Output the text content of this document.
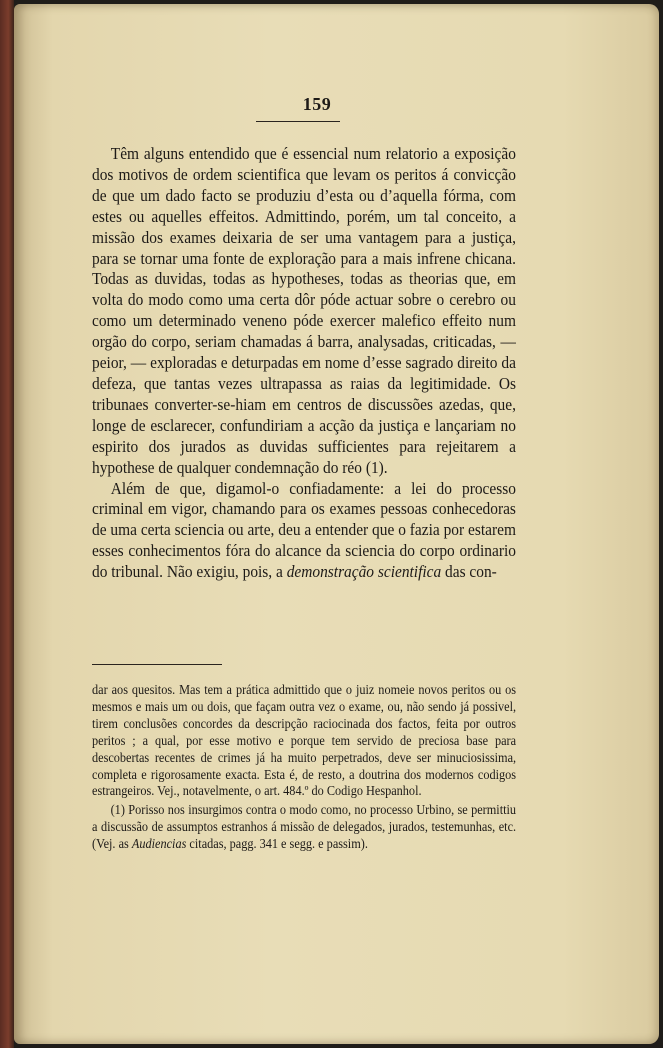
159

Têm alguns entendido que é essencial num relatorio a exposição dos motivos de ordem scientifica que levam os peritos á convicção de que um dado facto se produziu d’esta ou d’aquella fórma, com estes ou aquelles effeitos. Admittindo, porém, um tal conceito, a missão dos exames deixaria de ser uma vantagem para a justiça, para se tornar uma fonte de exploração para a mais infrene chicana. Todas as duvidas, todas as hypotheses, todas as theorias que, em volta do modo como uma certa dôr póde actuar sobre o cerebro ou como um determinado veneno póde exercer malefico effeito num orgão do corpo, seriam chamadas á barra, analysadas, criticadas, — peior, — exploradas e deturpadas em nome d’esse sagrado direito da defeza, que tantas vezes ultrapassa as raias da legitimidade. Os tribunaes converter-se-hiam em centros de discussões azedas, que, longe de esclarecer, confundiriam a acção da justiça e lançariam no espirito dos jurados as duvidas sufficientes para rejeitarem a hypothese de qualquer condemnação do réo (1).

Além de que, digamol-o confiadamente: a lei do processo criminal em vigor, chamando para os exames pessoas conhecedoras de uma certa sciencia ou arte, deu a entender que o fazia por estarem esses conhecimentos fóra do alcance da sciencia do corpo ordinario do tribunal. Não exigiu, pois, a demonstração scientifica das con-

dar aos quesitos. Mas tem a prática admittido que o juiz nomeie novos peritos ou os mesmos e mais um ou dois, que façam outra vez o exame, ou, não sendo já possivel, tirem conclusões concordes da descripção raciocinada dos factos, feita por outros peritos ; a qual, por esse motivo e porque tem servido de preciosa base para descobertas recentes de crimes já ha muito perpetrados, deve ser minuciosissima, completa e rigorosamente exacta. Esta é, de resto, a doutrina dos modernos codigos estrangeiros. Vej., notavelmente, o art. 484.º do Codigo Hespanhol.

(1) Porisso nos insurgimos contra o modo como, no processo Urbino, se permittiu a discussão de assumptos estranhos á missão de delegados, jurados, testemunhas, etc. (Vej. as Audiencias citadas, pagg. 341 e segg. e passim).
